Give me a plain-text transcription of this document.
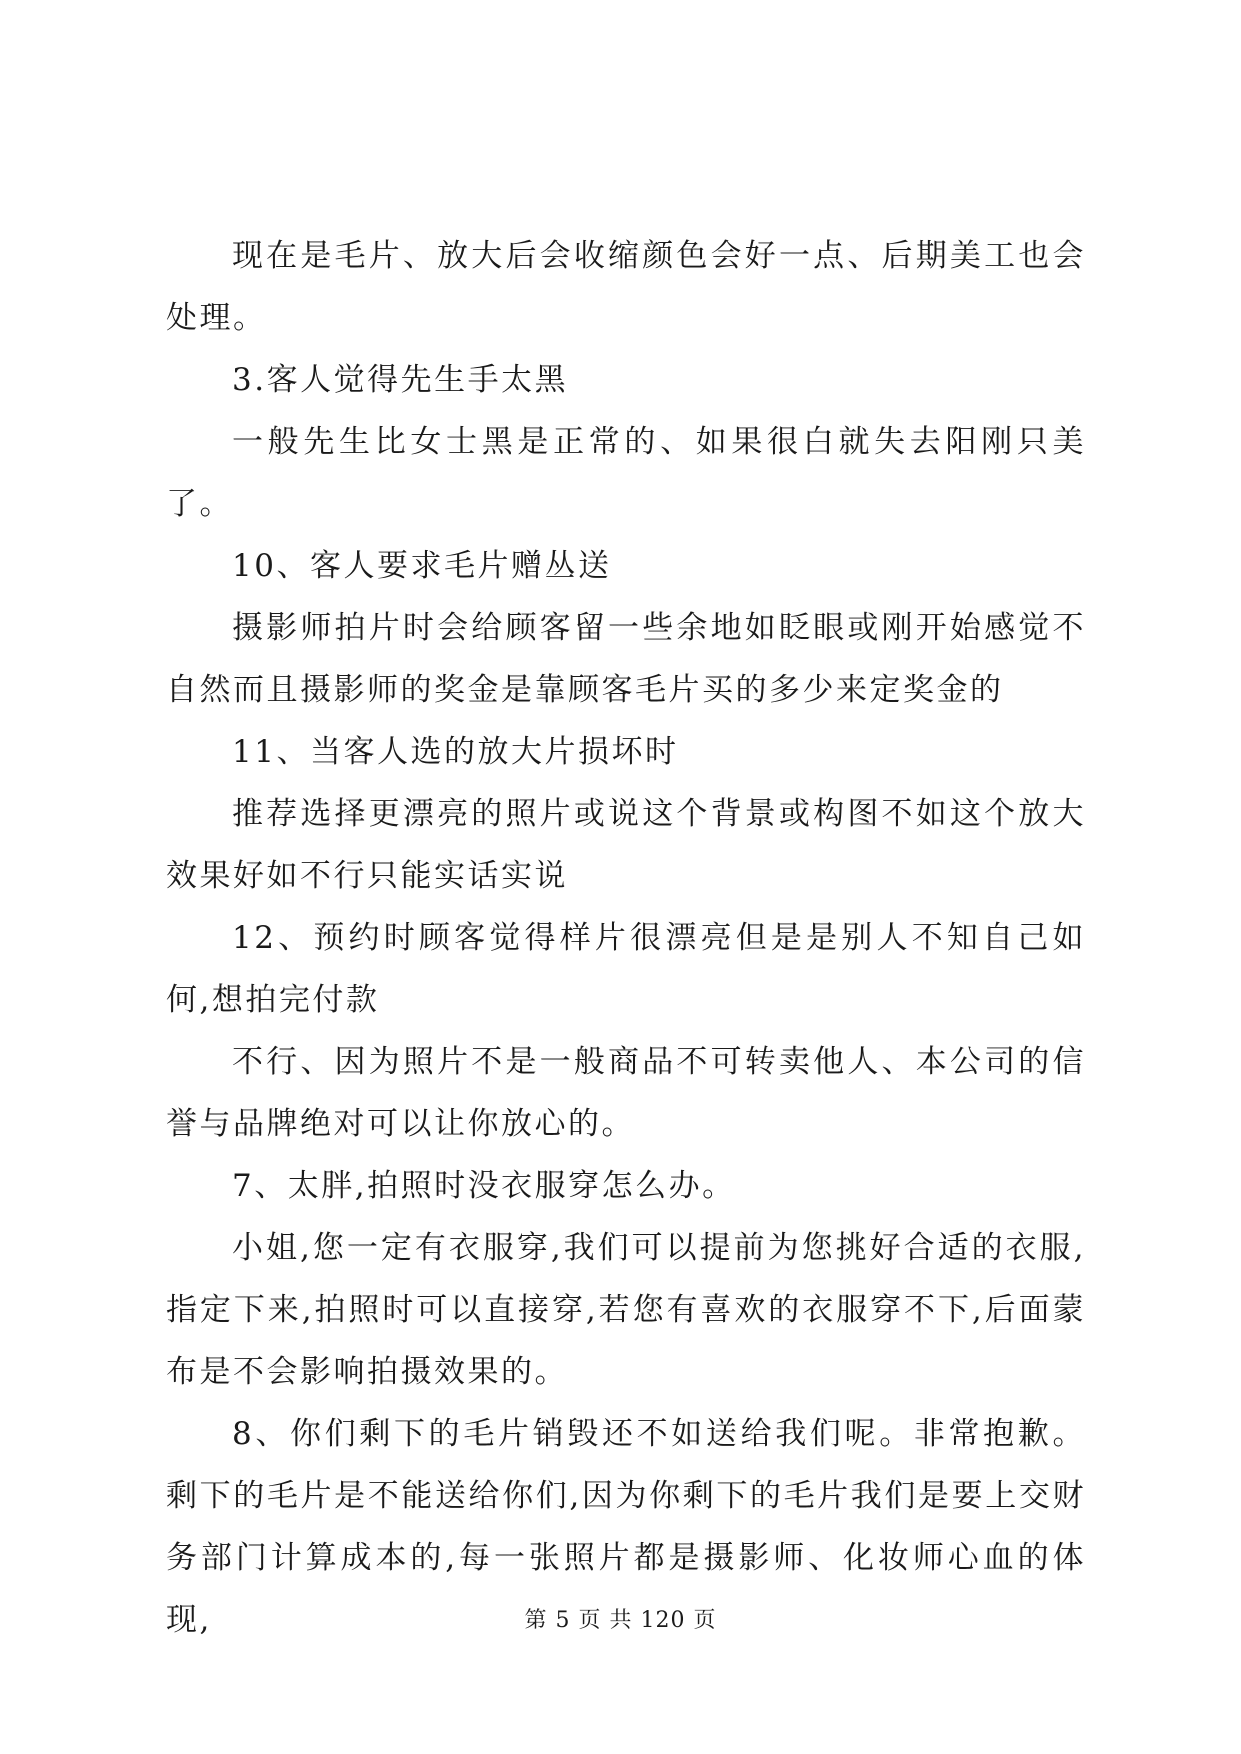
现在是毛片、放大后会收缩颜色会好一点、后期美工也会处理。

3.客人觉得先生手太黑

一般先生比女士黑是正常的、如果很白就失去阳刚只美了。

10、客人要求毛片赠丛送

摄影师拍片时会给顾客留一些余地如眨眼或刚开始感觉不自然而且摄影师的奖金是靠顾客毛片买的多少来定奖金的

11、当客人选的放大片损坏时

推荐选择更漂亮的照片或说这个背景或构图不如这个放大效果好如不行只能实话实说

12、预约时顾客觉得样片很漂亮但是是别人不知自己如何,想拍完付款

不行、因为照片不是一般商品不可转卖他人、本公司的信誉与品牌绝对可以让你放心的。

7、太胖,拍照时没衣服穿怎么办。

小姐,您一定有衣服穿,我们可以提前为您挑好合适的衣服,指定下来,拍照时可以直接穿,若您有喜欢的衣服穿不下,后面蒙布是不会影响拍摄效果的。

8、你们剩下的毛片销毁还不如送给我们呢。非常抱歉。剩下的毛片是不能送给你们,因为你剩下的毛片我们是要上交财务部门计算成本的,每一张照片都是摄影师、化妆师心血的体现,	第 5 页 共 120 页
